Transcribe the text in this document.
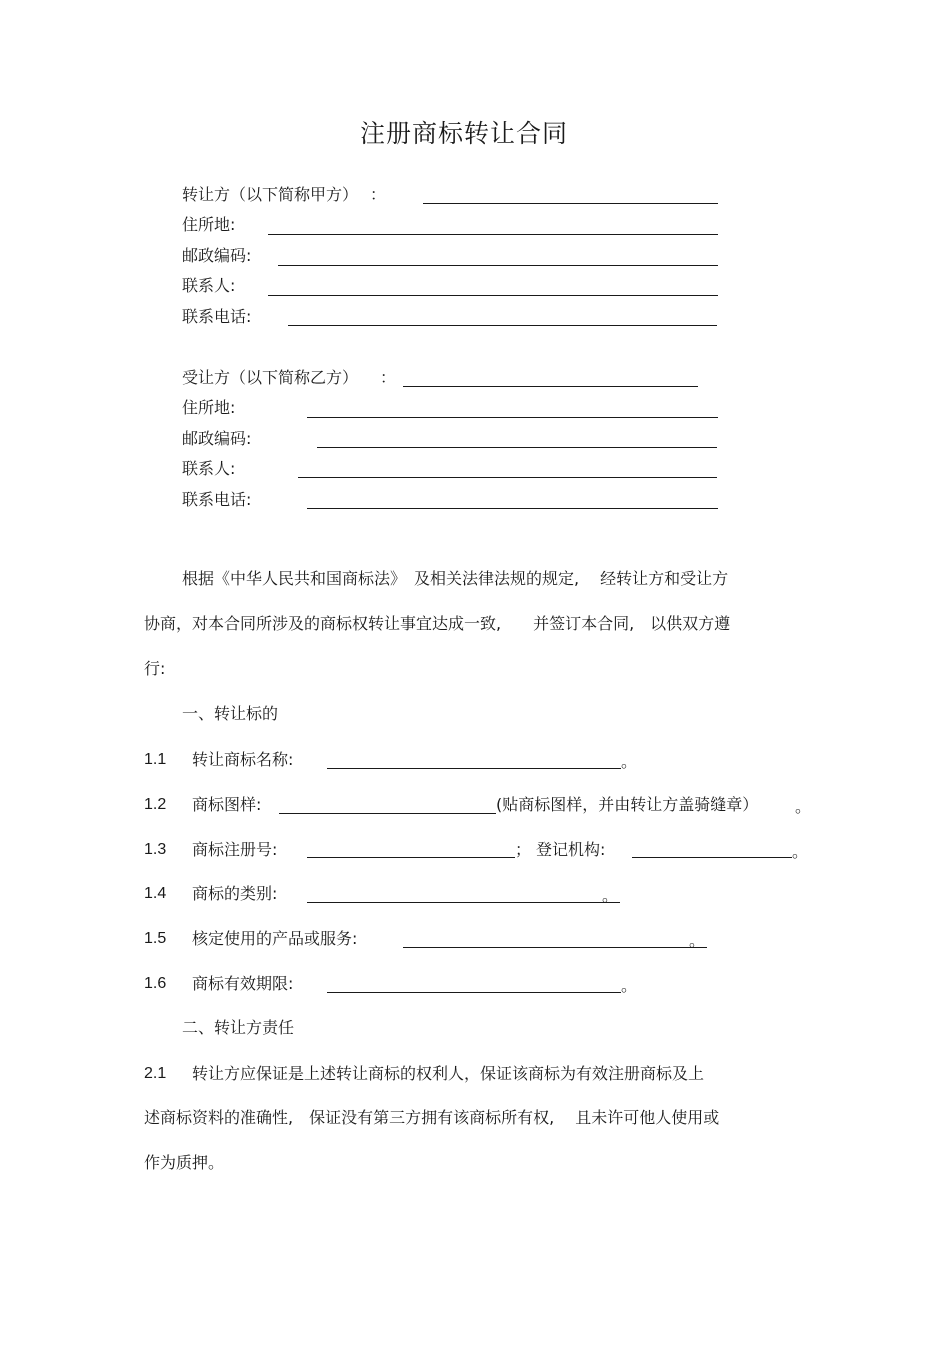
注册商标转让合同
转让方（以下简称甲方） ：
住所地:
邮政编码:
联系人:
联系电话:
受让方（以下简称乙方） ：
住所地:
邮政编码:
联系人:
联系电话:
根据《中华人民共和国商标法》　及相关法律法规的规定,　 经转让方和受让方
协商，对本合同所涉及的商标权转让事宜达成一致,　　并签订本合同,　以供双方遵
行:
一、转让标的
1.1 转让商标名称:	。
1.2 商标图样:	(贴商标图样，并由转让方盖骑缝章） 。
1.3 商标注册号:	； 登记机构:	。
1.4 商标的类别:	。
1.5 核定使用的产品或服务:	。
1.6 商标有效期限:	。
二、转让方责任
2.1 转让方应保证是上述转让商标的权利人，保证该商标为有效注册商标及上
述商标资料的准确性,　保证没有第三方拥有该商标所有权,　 且未许可他人使用或
作为质押。
